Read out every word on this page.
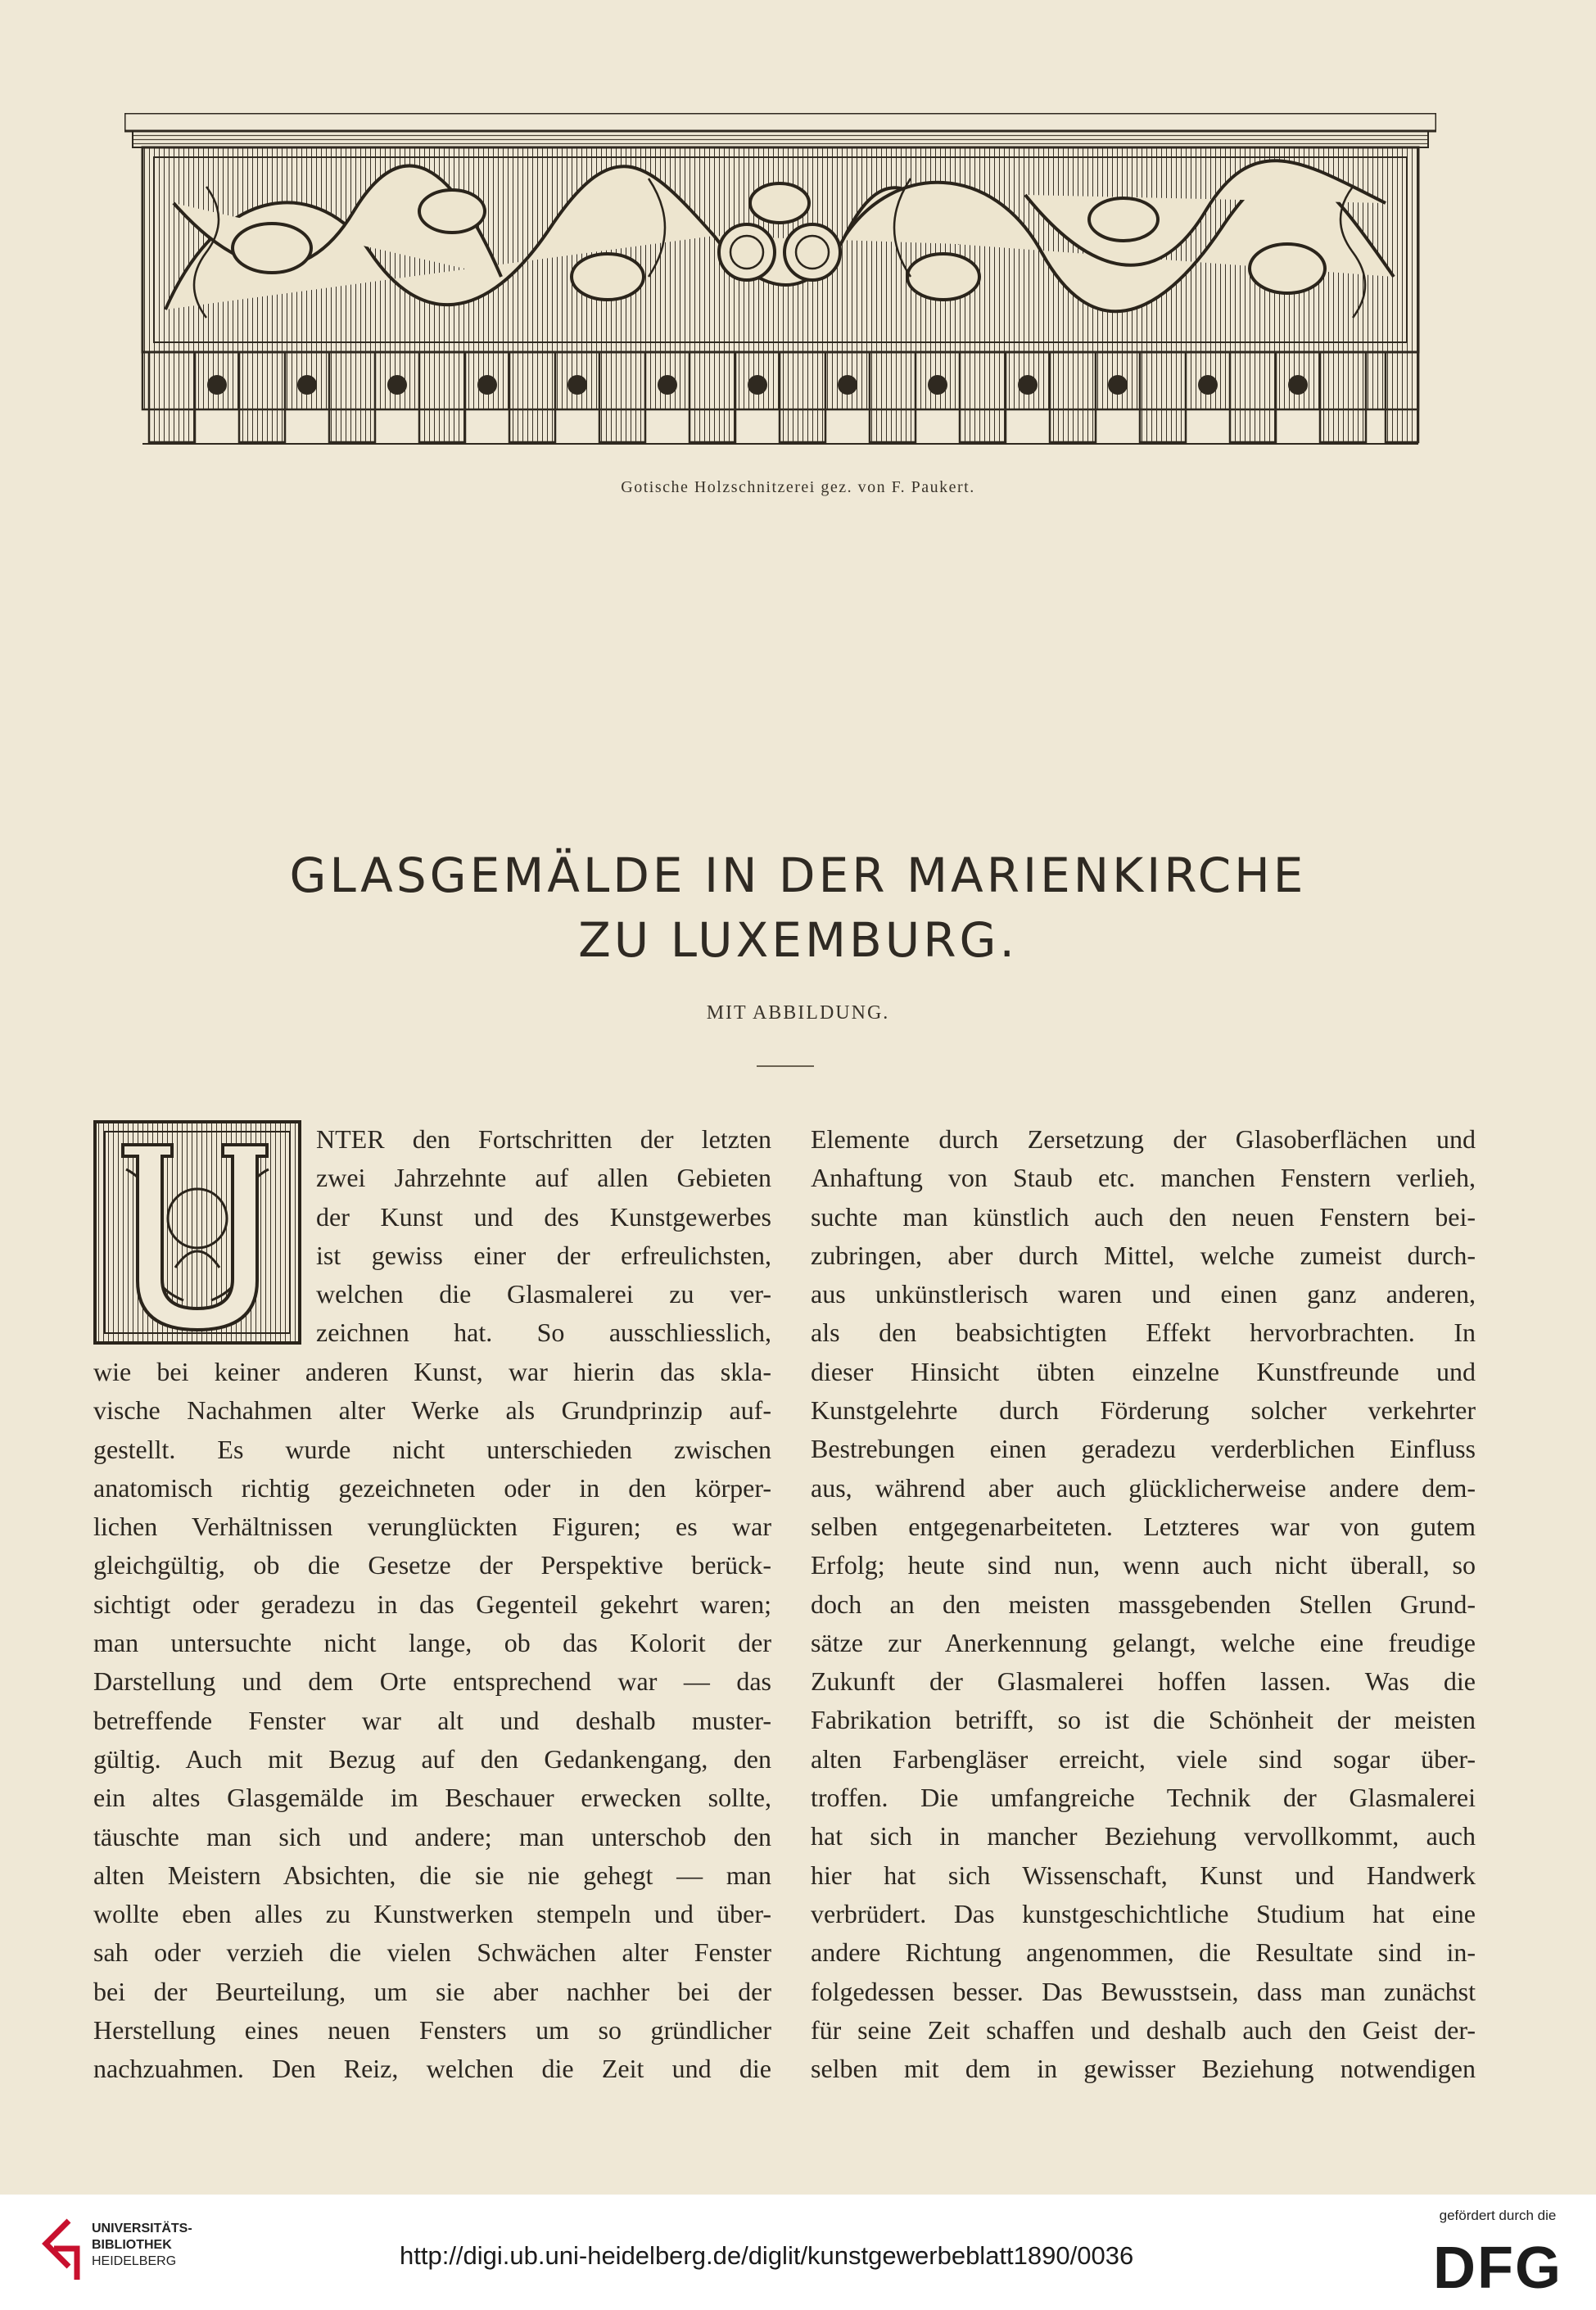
Gotische Holzschnitzerei gez. von F. Paukert.
GLASGEMÄLDE IN DER MARIENKIRCHE
ZU LUXEMBURG.
MIT ABBILDUNG.
NTER den Fortschritten der letzten
zwei Jahrzehnte auf allen Gebieten
der Kunst und des Kunstgewerbes
ist gewiss einer der erfreulichsten,
welchen die Glasmalerei zu ver-
zeichnen hat. So ausschliesslich,
wie bei keiner anderen Kunst, war hierin das skla-
vische Nachahmen alter Werke als Grundprinzip auf-
gestellt. Es wurde nicht unterschieden zwischen
anatomisch richtig gezeichneten oder in den körper-
lichen Verhältnissen verunglückten Figuren; es war
gleichgültig, ob die Gesetze der Perspektive berück-
sichtigt oder geradezu in das Gegenteil gekehrt waren;
man untersuchte nicht lange, ob das Kolorit der
Darstellung und dem Orte entsprechend war — das
betreffende Fenster war alt und deshalb muster-
gültig. Auch mit Bezug auf den Gedankengang, den
ein altes Glasgemälde im Beschauer erwecken sollte,
täuschte man sich und andere; man unterschob den
alten Meistern Absichten, die sie nie gehegt — man
wollte eben alles zu Kunstwerken stempeln und über-
sah oder verzieh die vielen Schwächen alter Fenster
bei der Beurteilung, um sie aber nachher bei der
Herstellung eines neuen Fensters um so gründlicher
nachzuahmen. Den Reiz, welchen die Zeit und die
Elemente durch Zersetzung der Glasoberflächen und
Anhaftung von Staub etc. manchen Fenstern verlieh,
suchte man künstlich auch den neuen Fenstern bei-
zubringen, aber durch Mittel, welche zumeist durch-
aus unkünstlerisch waren und einen ganz anderen,
als den beabsichtigten Effekt hervorbrachten. In
dieser Hinsicht übten einzelne Kunstfreunde und
Kunstgelehrte durch Förderung solcher verkehrter
Bestrebungen einen geradezu verderblichen Einfluss
aus, während aber auch glücklicherweise andere dem-
selben entgegenarbeiteten. Letzteres war von gutem
Erfolg; heute sind nun, wenn auch nicht überall, so
doch an den meisten massgebenden Stellen Grund-
sätze zur Anerkennung gelangt, welche eine freudige
Zukunft der Glasmalerei hoffen lassen. Was die
Fabrikation betrifft, so ist die Schönheit der meisten
alten Farbengläser erreicht, viele sind sogar über-
troffen. Die umfangreiche Technik der Glasmalerei
hat sich in mancher Beziehung vervollkommt, auch
hier hat sich Wissenschaft, Kunst und Handwerk
verbrüdert. Das kunstgeschichtliche Studium hat eine
andere Richtung angenommen, die Resultate sind in-
folgedessen besser. Das Bewusstsein, dass man zunächst
für seine Zeit schaffen und deshalb auch den Geist der-
selben mit dem in gewisser Beziehung notwendigen
UNIVERSITÄTS-
BIBLIOTHEK
HEIDELBERG	http://digi.ub.uni-heidelberg.de/diglit/kunstgewerbeblatt1890/0036
gefördert durch die
DFG
